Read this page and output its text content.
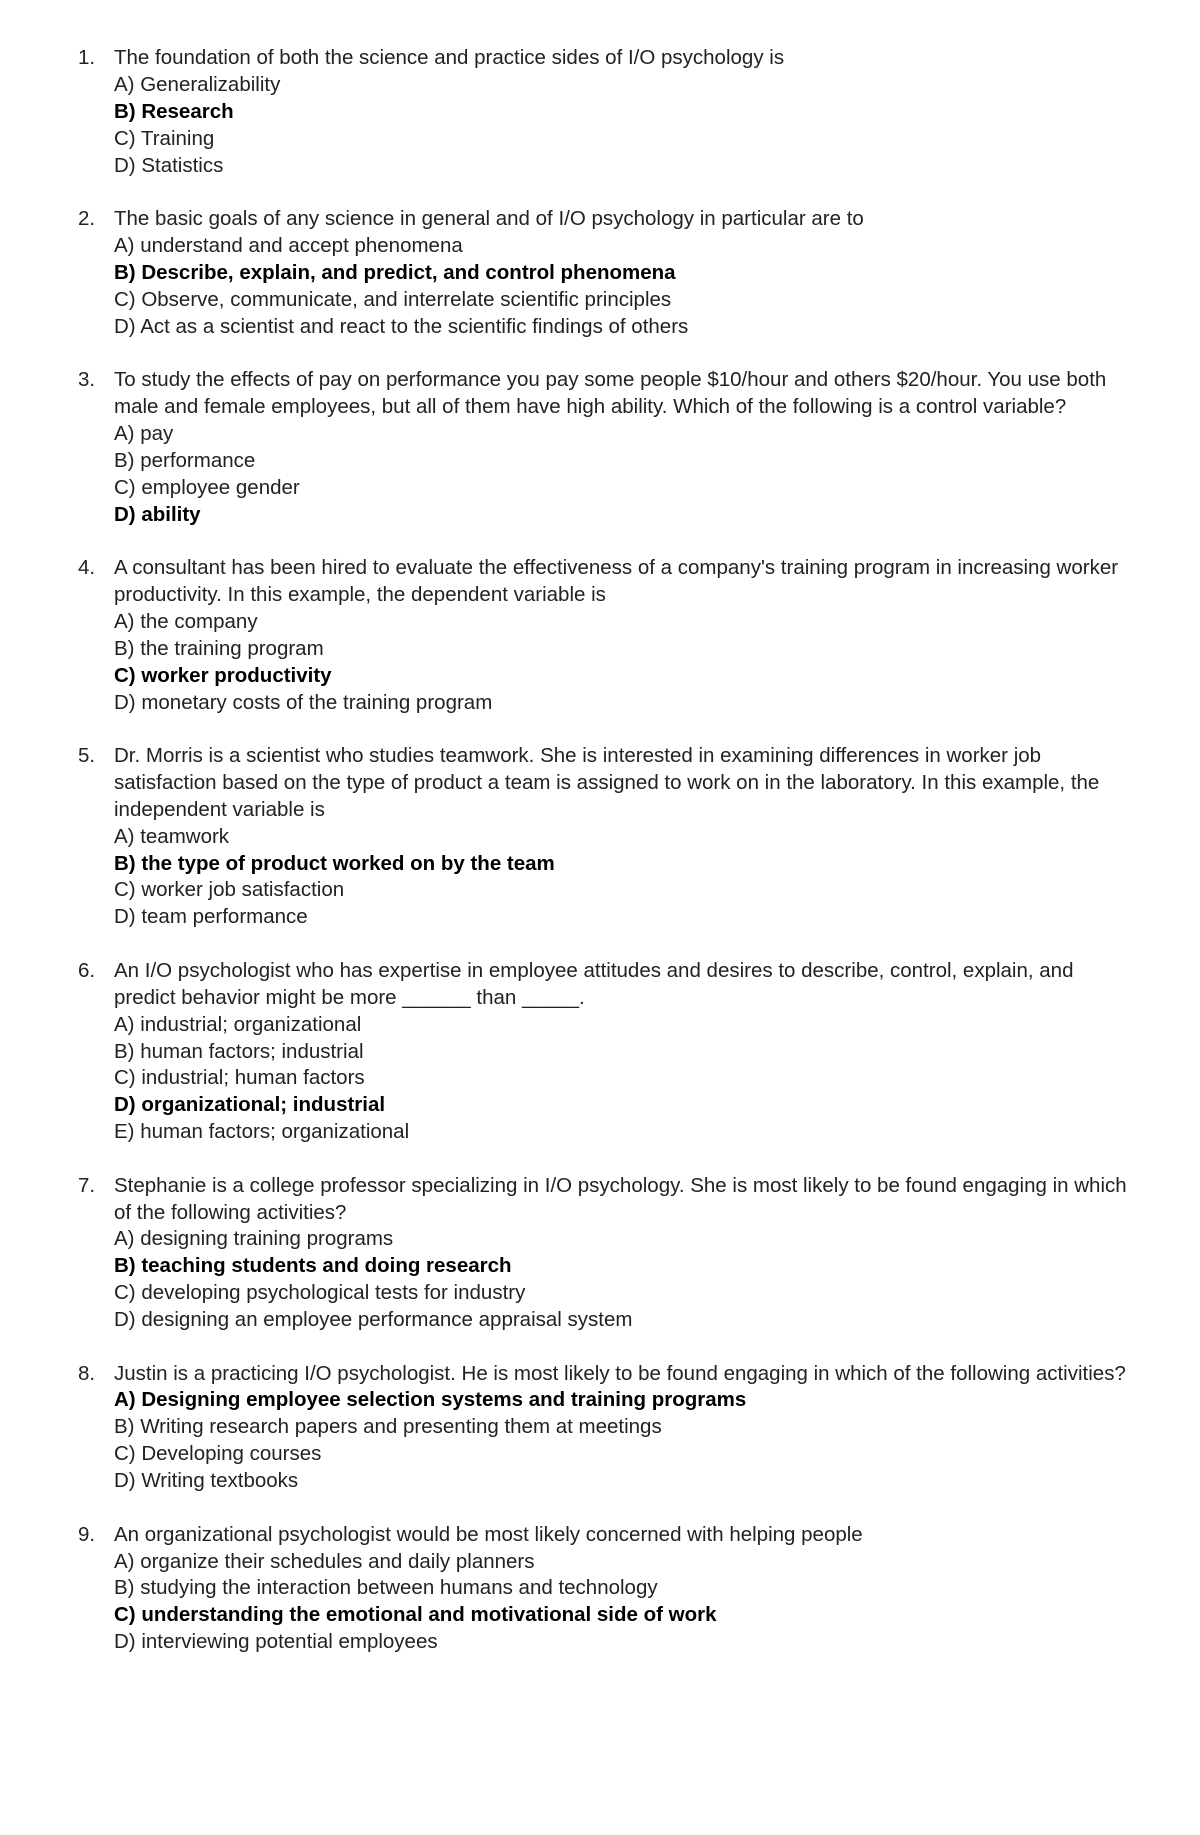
1. The foundation of both the science and practice sides of I/O psychology is
A) Generalizability
B) Research
C) Training
D) Statistics
2. The basic goals of any science in general and of I/O psychology in particular are to
A) understand and accept phenomena
B) Describe, explain, and predict, and control phenomena
C) Observe, communicate, and interrelate scientific principles
D) Act as a scientist and react to the scientific findings of others
3. To study the effects of pay on performance you pay some people $10/hour and others $20/hour. You use both male and female employees, but all of them have high ability. Which of the following is a control variable?
A) pay
B) performance
C) employee gender
D) ability
4. A consultant has been hired to evaluate the effectiveness of a company's training program in increasing worker productivity. In this example, the dependent variable is
A) the company
B) the training program
C) worker productivity
D) monetary costs of the training program
5. Dr. Morris is a scientist who studies teamwork. She is interested in examining differences in worker job satisfaction based on the type of product a team is assigned to work on in the laboratory. In this example, the independent variable is
A) teamwork
B) the type of product worked on by the team
C) worker job satisfaction
D) team performance
6. An I/O psychologist who has expertise in employee attitudes and desires to describe, control, explain, and predict behavior might be more ______ than _____.
A) industrial; organizational
B) human factors; industrial
C) industrial; human factors
D) organizational; industrial
E) human factors; organizational
7. Stephanie is a college professor specializing in I/O psychology. She is most likely to be found engaging in which of the following activities?
A) designing training programs
B) teaching students and doing research
C) developing psychological tests for industry
D) designing an employee performance appraisal system
8. Justin is a practicing I/O psychologist. He is most likely to be found engaging in which of the following activities?
A) Designing employee selection systems and training programs
B) Writing research papers and presenting them at meetings
C) Developing courses
D) Writing textbooks
9. An organizational psychologist would be most likely concerned with helping people
A) organize their schedules and daily planners
B) studying the interaction between humans and technology
C) understanding the emotional and motivational side of work
D) interviewing potential employees
